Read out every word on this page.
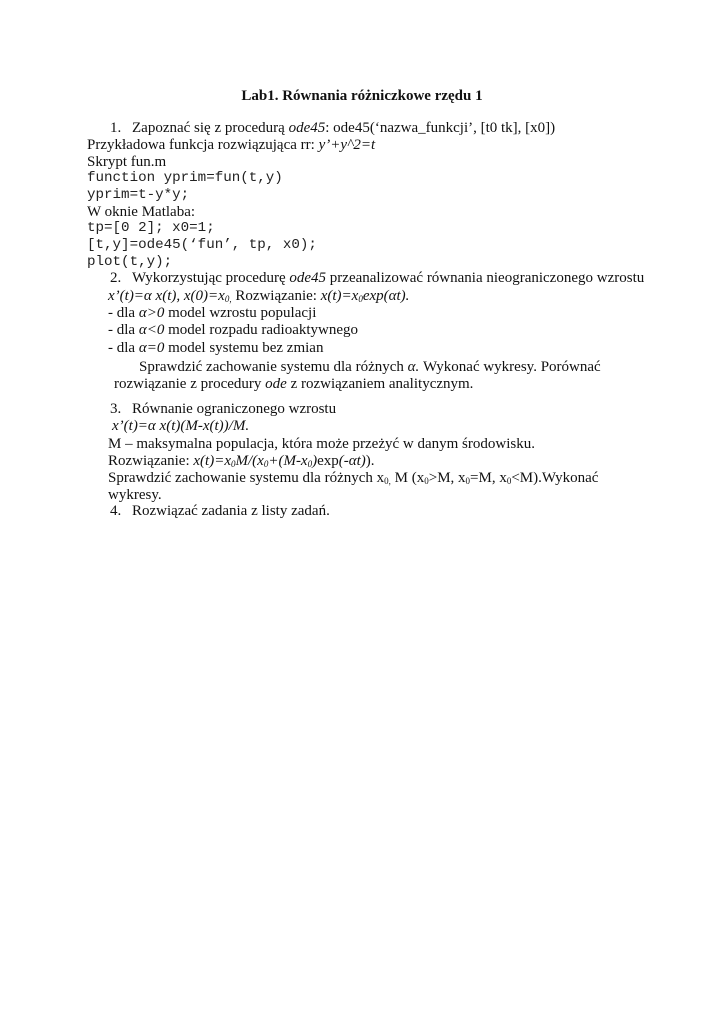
Lab1. Równania różniczkowe rzędu 1
1. Zapoznać się z procedurą ode45: ode45(‘nazwa_funkcji’, [t0 tk], [x0])
Przykładowa funkcja rozwiązująca rr: y’+y^2=t
Skrypt fun.m
function yprim=fun(t,y)
yprim=t-y*y;
W oknie Matlaba:
tp=[0 2]; x0=1;
[t,y]=ode45(‘fun’, tp, x0);
plot(t,y);
2. Wykorzystując procedurę ode45 przeanalizować równania nieograniczonego wzrostu
x’(t)=α x(t), $x(0)=x_{0,}$ Rozwiązanie: $x(t)=x_0\exp(\alpha t)$.
- dla α>0 model wzrostu populacji
- dla α<0 model rozpadu radioaktywnego
- dla α=0 model systemu bez zmian
Sprawdzić zachowanie systemu dla różnych α. Wykonać wykresy. Porównać
rozwiązanie z procedury ode z rozwiązaniem analitycznym.
3. Równanie ograniczonego wzrostu
x’(t)=α x(t)(M-x(t))/M.
M – maksymalna populacja, która może przeżyć w danym środowisku.
Rozwiązanie: $x(t)=x_0M/(x_0+(M-x_0)\exp(-\alpha t))$.
Sprawdzić zachowanie systemu dla różnych $x_{0,}$ M ($x_0>M$, $x_0=M$, $x_0<M).Wykonać$
wykresy.
4. Rozwiązać zadania z listy zadań.
